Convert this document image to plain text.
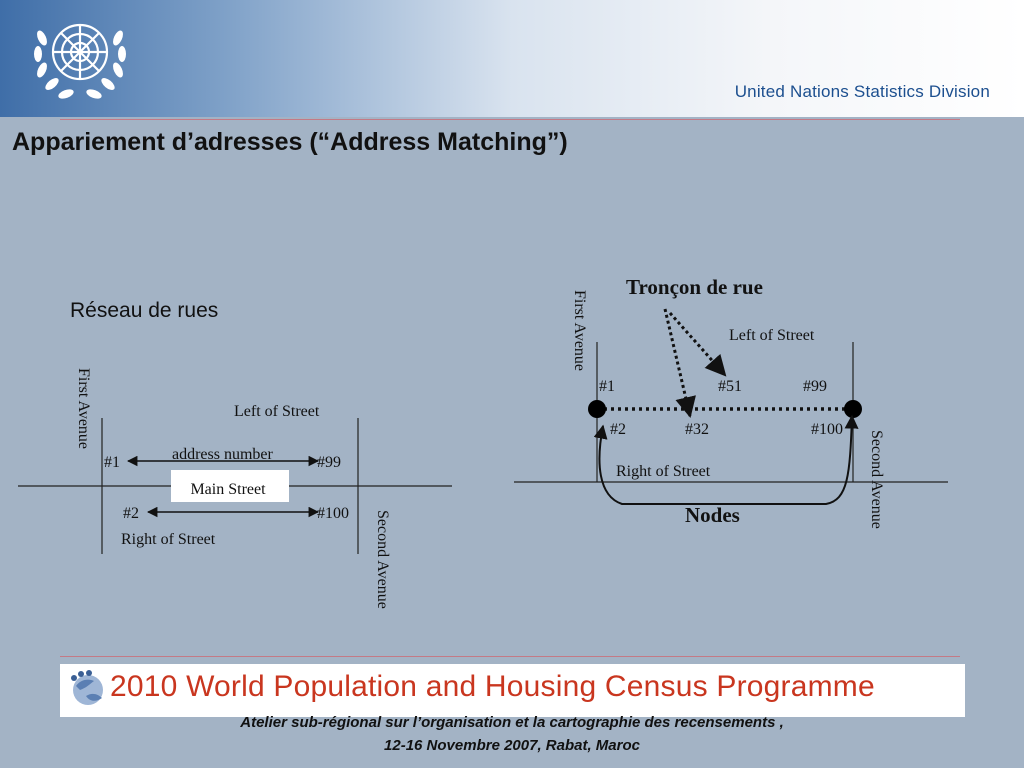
United Nations Statistics Division
Appariement d’adresses (“Address Matching”)
Réseau de rues
Main Street
First Avenue
Second Avenue
Left of Street
address number
#1	#99
#2	#100
Right of Street
Tronçon de rue
First Avenue
Second Avenue
Left of Street
#1	#51	#99
#2	#32	#100
Right of Street
Nodes
2010 World Population and Housing Census Programme
Atelier sub-régional sur l’organisation et la cartographie des recensements ,
12-16 Novembre 2007, Rabat, Maroc
